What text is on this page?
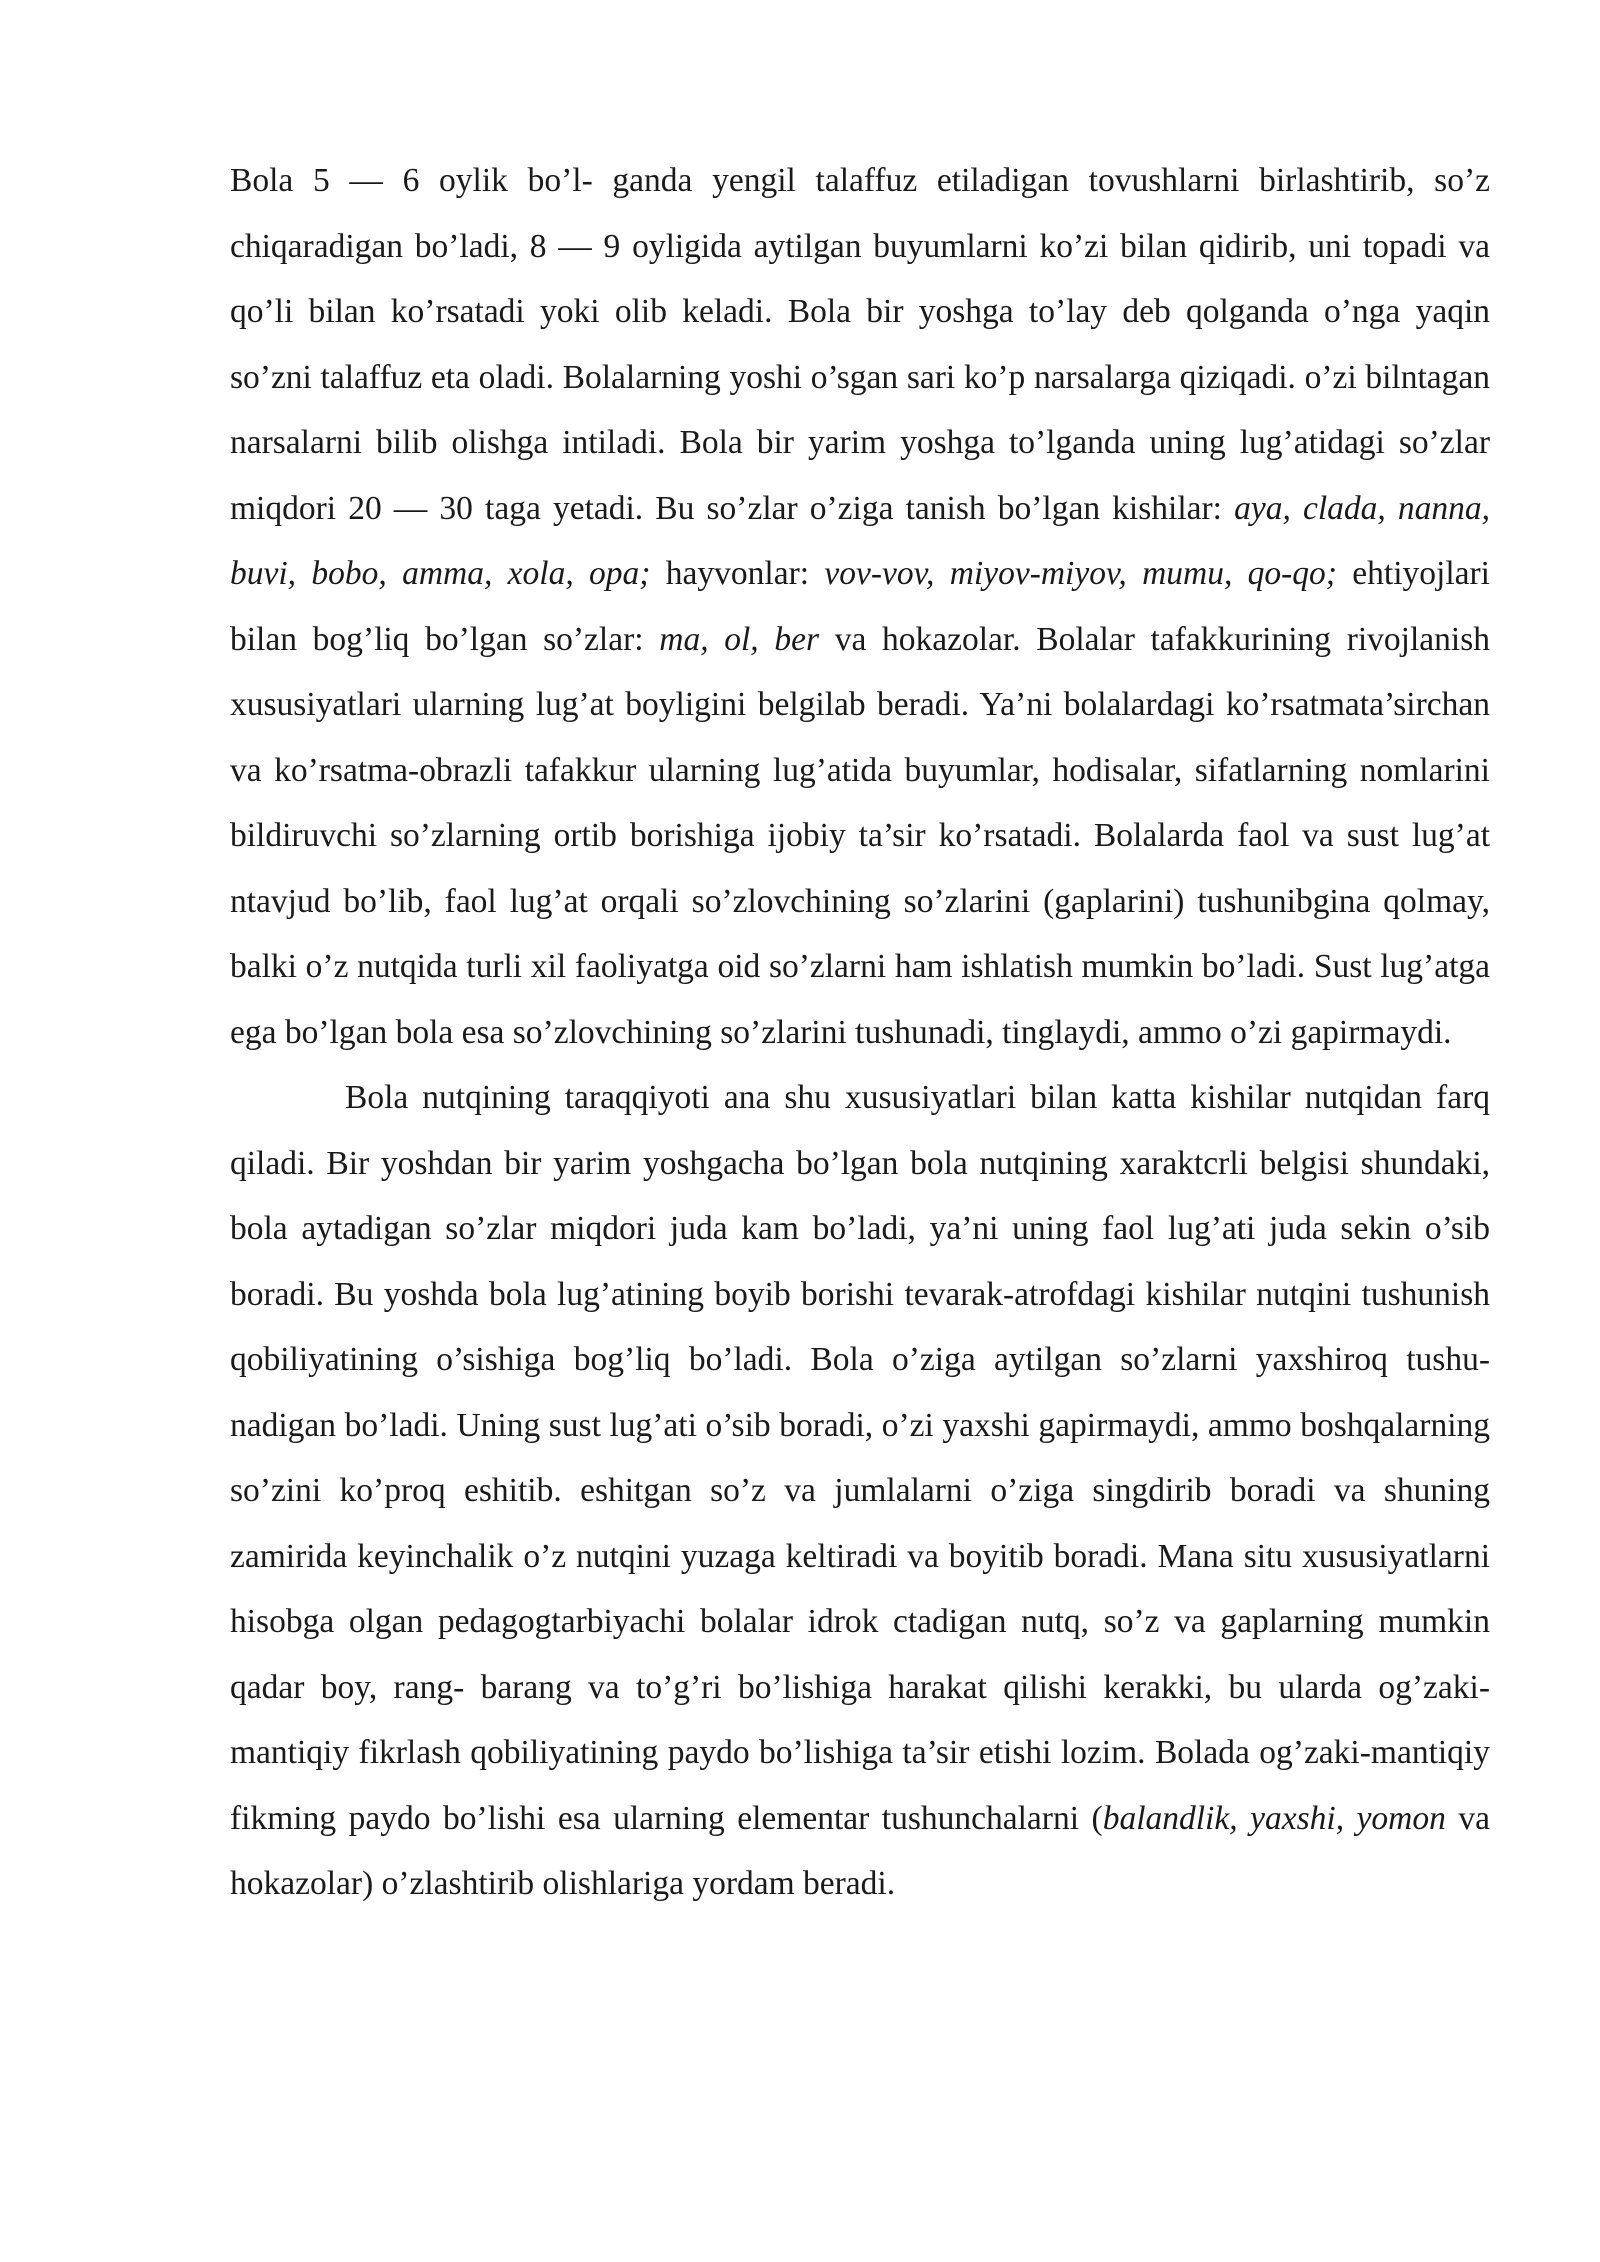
Bola 5 — 6 oylik bo’l- ganda yengil talaffuz etiladigan tovushlarni birlashtirib, so’z chiqaradigan bo’ladi, 8 — 9 oyligida aytilgan buyumlarni ko’zi bilan qidirib, uni topadi va qo’li bilan ko’rsatadi yoki olib keladi. Bola bir yoshga to’lay deb qolganda o’nga yaqin so’zni talaffuz eta oladi. Bolalarning yoshi o’sgan sari ko’p narsalarga qiziqadi. o’zi bilntagan narsalarni bilib olishga intiladi. Bola bir yarim yoshga to’lganda uning lug’atidagi so’zlar miqdori 20 — 30 taga yetadi. Bu so’zlar o’ziga tanish bo’lgan kishilar: aya, clada, nanna, buvi, bobo, amma, xola, opa; hayvonlar: vov-vov, miyov-miyov, mumu, qo-qo; ehtiyojlari bilan bog’liq bo’lgan so’zlar: ma, ol, ber va hokazolar. Bolalar tafakkurining rivojlanish xususiyatlari ularning lug’at boyligini belgilab beradi. Ya’ni bolalardagi ko’rsatmata’sirchan va ko’rsatma-obrazli tafakkur ularning lug’atida buyumlar, hodisalar, sifatlarning nomlarini bildiruvchi so’zlarning ortib borishiga ijobiy ta’sir ko’rsatadi. Bolalarda faol va sust lug’at ntavjud bo’lib, faol lug’at orqali so’zlovchining so’zlarini (gaplarini) tushunibgina qolmay, balki o’z nutqida turli xil faoliyatga oid so’zlarni ham ishlatish mumkin bo’ladi. Sust lug’atga ega bo’lgan bola esa so’zlovchining so’zlarini tushunadi, tinglaydi, ammo o’zi gapirmaydi.

Bola nutqining taraqqiyoti ana shu xususiyatlari bilan katta kishilar nutqidan farq qiladi. Bir yoshdan bir yarim yoshgacha bo’lgan bola nutqining xaraktcrli belgisi shundaki, bola aytadigan so’zlar miqdori juda kam bo’ladi, ya’ni uning faol lug’ati juda sekin o’sib boradi. Bu yoshda bola lug’atining boyib borishi tevarak-atrofdagi kishilar nutqini tushunish qobiliyatining o’sishiga bog’liq bo’ladi. Bola o’ziga aytilgan so’zlarni yaxshiroq tushu- nadigan bo’ladi. Uning sust lug’ati o’sib boradi, o’zi yaxshi gapirmaydi, ammo boshqalarning so’zini ko’proq eshitib. eshitgan so’z va jumlalarni o’ziga singdirib boradi va shuning zamirida keyinchalik o’z nutqini yuzaga keltiradi va boyitib boradi. Mana situ xususiyatlarni hisobga olgan pedagogtarbiyachi bolalar idrok ctadigan nutq, so’z va gaplarning mumkin qadar boy, rang- barang va to’g’ri bo’lishiga harakat qilishi kerakki, bu ularda og’zaki-mantiqiy fikrlash qobiliyatining paydo bo’lishiga ta’sir etishi lozim. Bolada og’zaki-mantiqiy fikming paydo bo’lishi esa ularning elementar tushunchalarni (balandlik, yaxshi, yomon va hokazolar) o’zlashtirib olishlariga yordam beradi.
